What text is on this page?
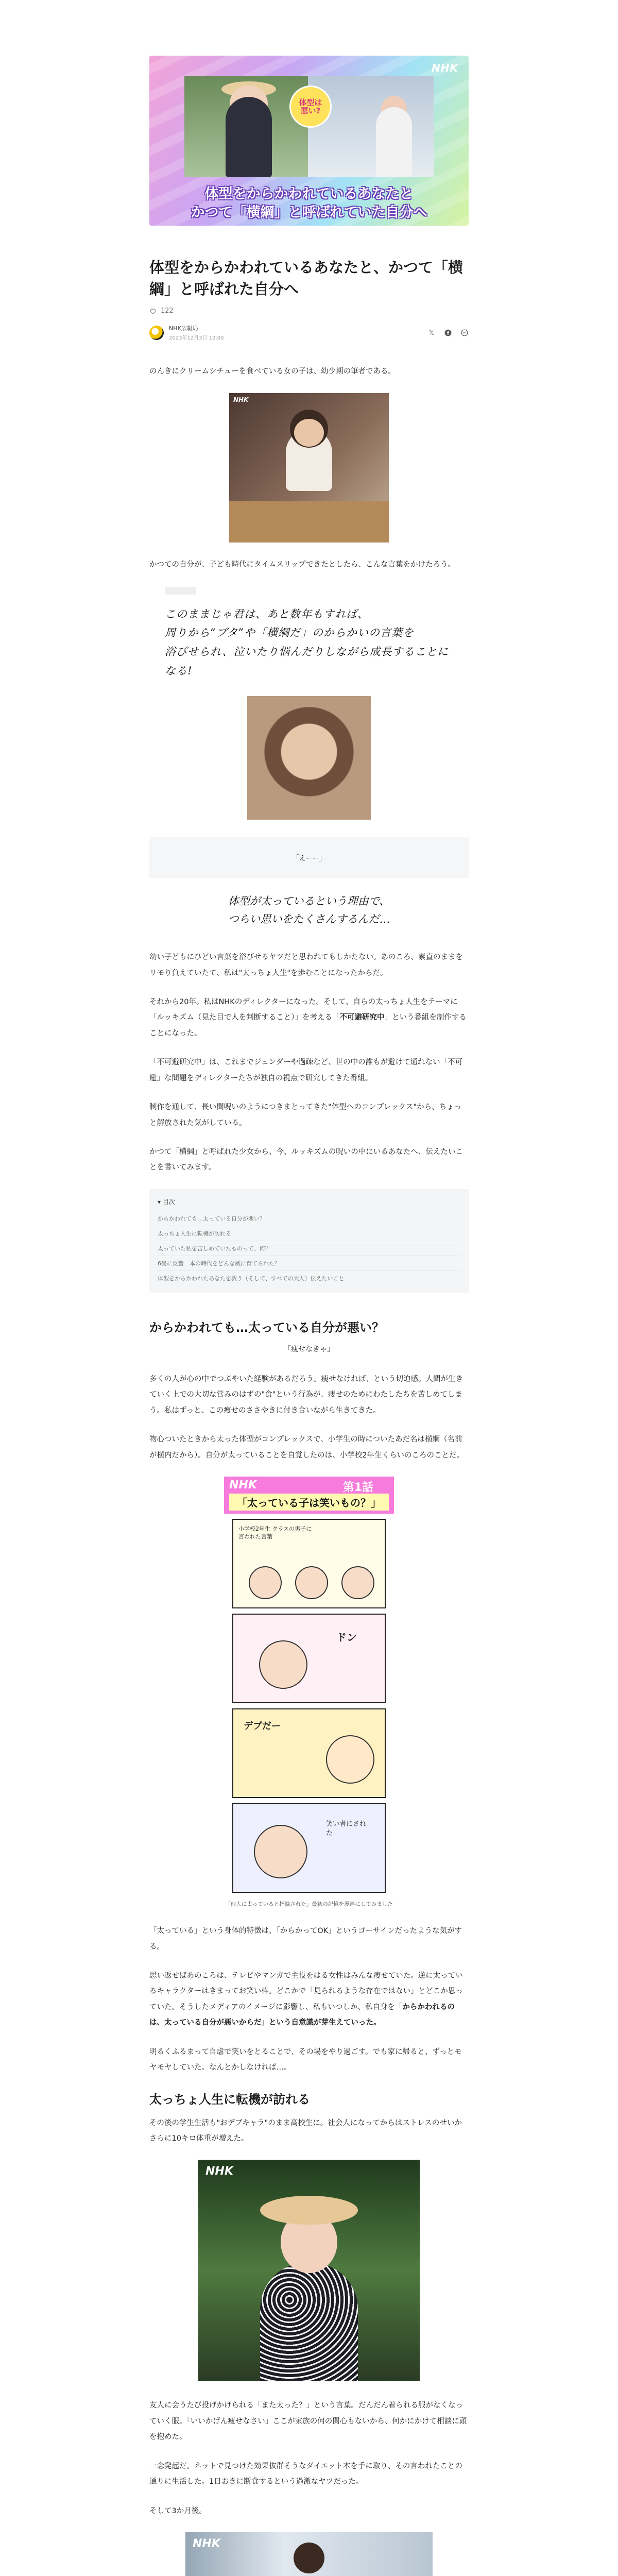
体型は
悪い?
NHK
体型をからかわれているあなたと
かつて「横綱」と呼ばれていた自分へ
体型をからかわれているあなたと、かつて「横綱」と呼ばれた自分へ
122
NHK広報局
2023年12月3日 12:00
𝕏

のんきにクリームシチューを食べている女の子は、幼少期の筆者である。

NHK

かつての自分が、子ども時代にタイムスリップできたとしたら、こんな言葉をかけたろう。

このままじゃ君は、あと数年もすれば、
周りから“ブタ”や「横綱だ」のからかいの言葉を
浴びせられ、泣いたり悩んだりしながら成長することになる!
「えーー」
体型が太っているという理由で、
つらい思いをたくさんするんだ…

幼い子どもにひどい言葉を浴びせるヤツだと思われてもしかたない。あのころ、素直のままをリモり負えていたて、私は"太っちょ人生"を歩むことになったからだ。

それから20年。私はNHKのディレクターになった。そして、自らの太っちょ人生をテーマに「ルッキズム（見た目で人を判断すること）」を考える「不可避研究中」という番組を制作することになった。

「不可避研究中」は、これまでジェンダーや過疎など、世の中の誰もが避けて通れない「不可避」な問題をディレクターたちが独自の視点で研究してきた番組。

制作を通して、長い間呪いのようにつきまとってきた"体型へのコンプレックス"から、ちょっと解放された気がしている。

かつて「横綱」と呼ばれた少女から、今、ルッキズムの呪いの中にいるあなたへ、伝えたいことを書いてみます。

▾ 目次
からかわれても…太っている自分が悪い？
太っちょ人生に転機が訪れる
太っていた私を苦しめていたものって、何？
6畳に反響　本の時代をどんな風に育てられた？
体型をからかわれたあなたを救う（そして、すべての大人）伝えたいこと
からかわれても…太っている自分が悪い？
「痩せなきゃ」

多くの人が心の中でつぶやいた経験があるだろう。痩せなければ、という切迫感。人間が生きていく上での大切な営みのはずの"食"という行為が、痩せのためにわたしたちを苦しめてしまう。私はずっと、この痩せのささやきに付き合いながら生きてきた。

物心ついたときから太った体型がコンプレックスで、小学生の時についたあだ名は横綱（名前が横内だから）。自分が太っていることを自覚したのは、小学校2年生くらいのころのことだ。

NHK	第1話
「太っている子は笑いもの？」
小学校2年生 クラスの男子に言われた言葉
ドン
デブだー
笑い者にされた
「他人に太っていると指摘された」最初の記憶を漫画にしてみました

「太っている」という身体的特徴は、「からかってOK」というゴーサインだったような気がする。

思い返せばあのころは、テレビやマンガで主役をはる女性はみんな痩せていた。逆に太っているキャラクターはきまってお笑い枠。どこかで「見られるような存在ではない」とどこか思っていた。そうしたメディアのイメージに影響し、私もいつしか、私自身を「からかわれるのは、太っている自分が悪いからだ」という自意識が芽生えていった。

明るくふるまって自虐で笑いをとることで、その場をやり過ごす。でも家に帰ると、ずっとモヤモヤしていた。なんとかしなければ…。

太っちょ人生に転機が訪れる

その後の学生生活も"おデブキャラ"のまま高校生に。社会人になってからはストレスのせいかさらに10キロ体重が増えた。

NHK

友人に会うたび投げかけられる「また太った？」という言葉。だんだん着られる服がなくなっていく服。「いいかげん痩せなさい」ここが家族の何の関心もないから、何かにかけて相談に頭を抱めた。

一念発起だ。ネットで見つけた効果抜群そうなダイエット本を手に取り、その言われたことの通りに生活した。1日おきに断食するという過激なヤツだった。

そして3か月後。

NHK
